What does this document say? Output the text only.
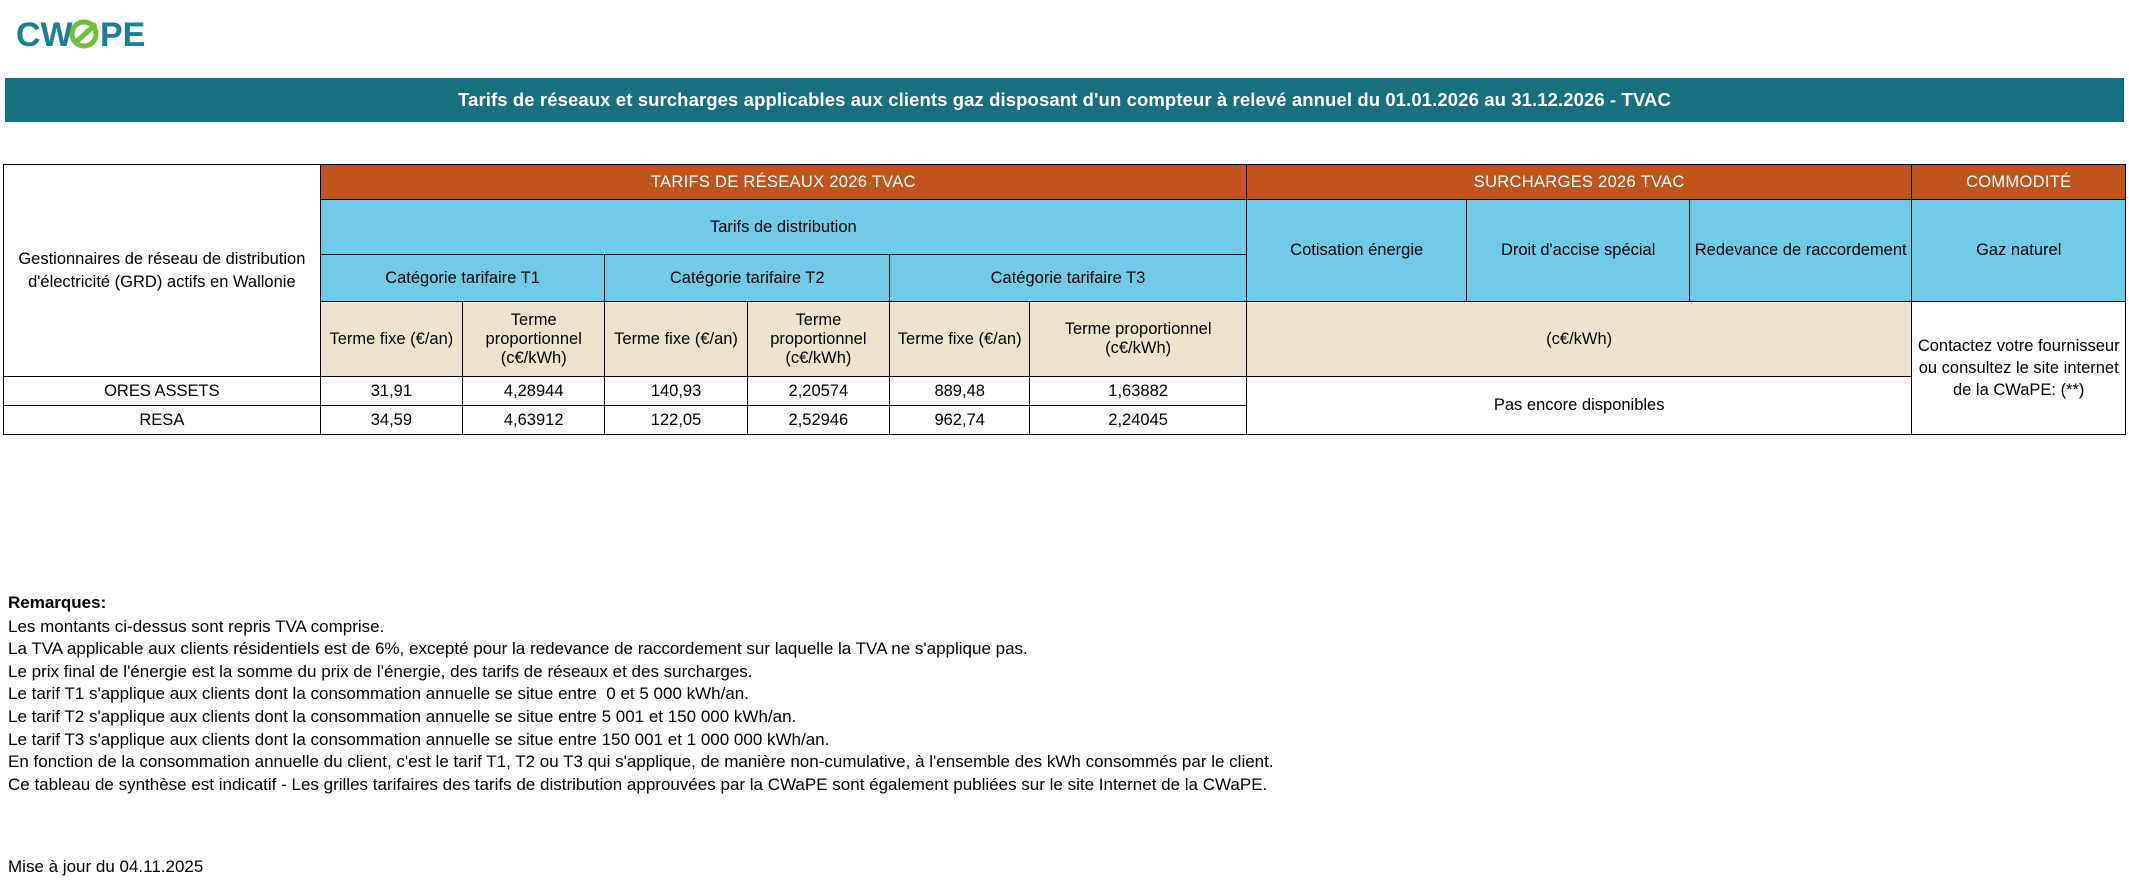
CW PE
Tarifs de réseaux et surcharges applicables aux clients gaz disposant d'un compteur à relevé annuel du 01.01.2026 au 31.12.2026 - TVAC
Gestionnaires de réseau de distribution d'électricité (GRD) actifs en Wallonie	TARIFS DE RÉSEAUX 2026 TVAC						SURCHARGES 2026 TVAC			COMMODITÉ
	Tarifs de distribution						Cotisation énergie	Droit d'accise spécial	Redevance de raccordement	Gaz naturel
	Catégorie tarifaire T1		Catégorie tarifaire T2		Catégorie tarifaire T3					
	Terme fixe (€/an)	Terme proportionnel (c€/kWh)	Terme fixe (€/an)	Terme proportionnel (c€/kWh)	Terme fixe (€/an)	Terme proportionnel (c€/kWh)	(c€/kWh)			Contactez votre fournisseur ou consultez le site internet de la CWaPE: (**)
ORES ASSETS	31,91	4,28944	140,93	2,20574	889,48	1,63882	Pas encore disponibles			
RESA	34,59	4,63912	122,05	2,52946	962,74	2,24045				
Remarques:

Les montants ci-dessus sont repris TVA comprise.

La TVA applicable aux clients résidentiels est de 6%, excepté pour la redevance de raccordement sur laquelle la TVA ne s'applique pas.

Le prix final de l'énergie est la somme du prix de l'énergie, des tarifs de réseaux et des surcharges.

Le tarif T1 s'applique aux clients dont la consommation annuelle se situe entre  0 et 5 000 kWh/an.

Le tarif T2 s'applique aux clients dont la consommation annuelle se situe entre 5 001 et 150 000 kWh/an.

Le tarif T3 s'applique aux clients dont la consommation annuelle se situe entre 150 001 et 1 000 000 kWh/an.

En fonction de la consommation annuelle du client, c'est le tarif T1, T2 ou T3 qui s'applique, de manière non-cumulative, à l'ensemble des kWh consommés par le client.

Ce tableau de synthèse est indicatif - Les grilles tarifaires des tarifs de distribution approuvées par la CWaPE sont également publiées sur le site Internet de la CWaPE.

Mise à jour du 04.11.2025
